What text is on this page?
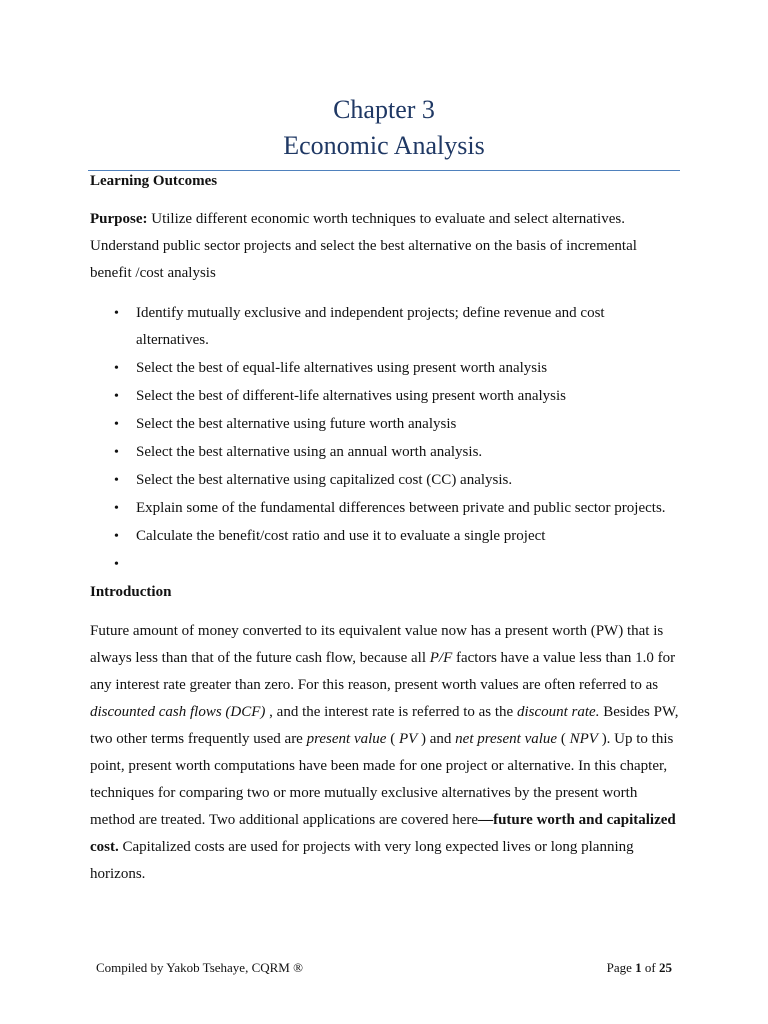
Chapter 3
Economic Analysis
Learning Outcomes

Purpose: Utilize different economic worth techniques to evaluate and select alternatives. Understand public sector projects and select the best alternative on the basis of incremental benefit /cost analysis

• Identify mutually exclusive and independent projects; define revenue and cost alternatives.
• Select the best of equal-life alternatives using present worth analysis
• Select the best of different-life alternatives using present worth analysis
• Select the best alternative using future worth analysis
• Select the best alternative using an annual worth analysis.
• Select the best alternative using capitalized cost (CC) analysis.
• Explain some of the fundamental differences between private and public sector projects.
• Calculate the benefit/cost ratio and use it to evaluate a single project
•
Introduction

Future amount of money converted to its equivalent value now has a present worth (PW) that is always less than that of the future cash flow, because all P/F factors have a value less than 1.0 for any interest rate greater than zero. For this reason, present worth values are often referred to as discounted cash flows (DCF) , and the interest rate is referred to as the discount rate. Besides PW, two other terms frequently used are present value ( PV ) and net present value ( NPV ). Up to this point, present worth computations have been made for one project or alternative. In this chapter, techniques for comparing two or more mutually exclusive alternatives by the present worth method are treated. Two additional applications are covered here—future worth and capitalized cost. Capitalized costs are used for projects with very long expected lives or long planning horizons.

Compiled by Yakob Tsehaye, CQRM ®	Page 1 of 25
